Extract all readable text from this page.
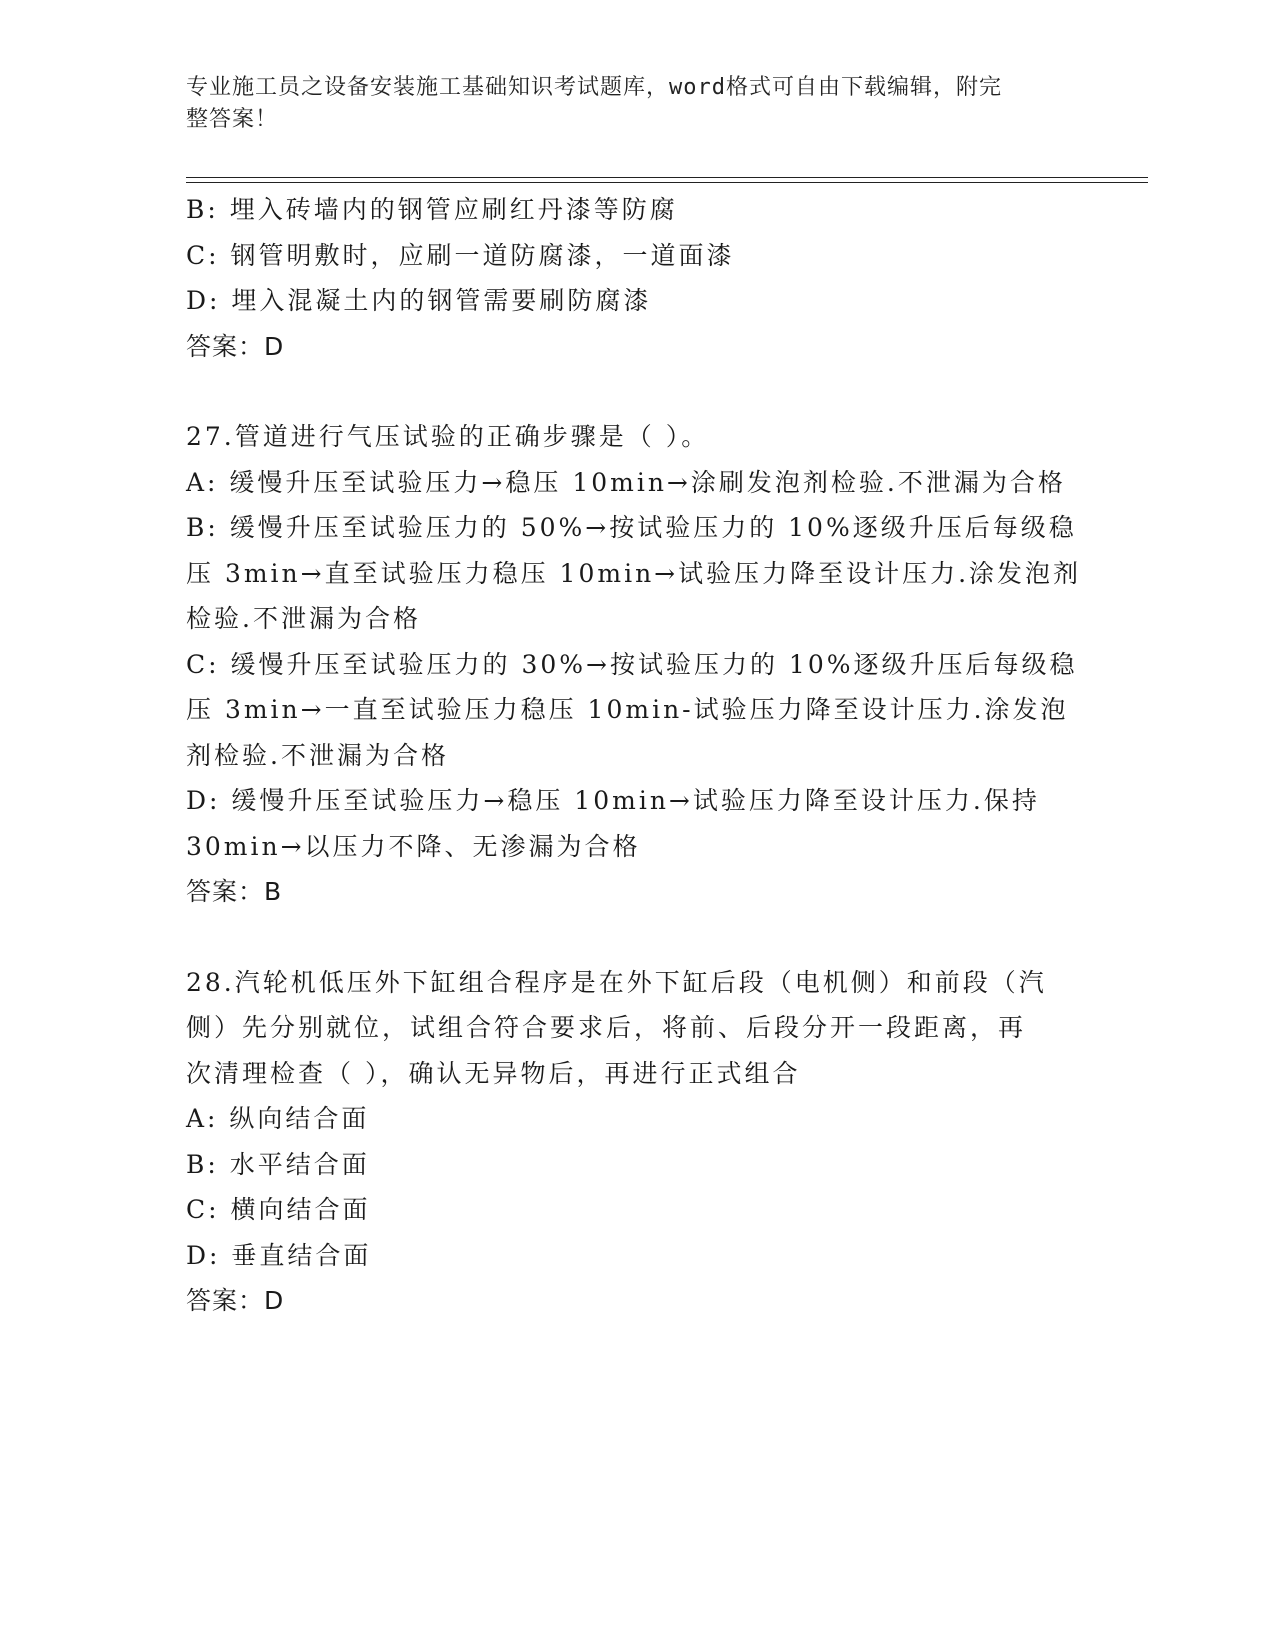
专业施工员之设备安装施工基础知识考试题库，word格式可自由下载编辑，附完
整答案！
B: 埋入砖墙内的钢管应刷红丹漆等防腐
C: 钢管明敷时，应刷一道防腐漆，一道面漆
D: 埋入混凝土内的钢管需要刷防腐漆
答案：D
27.管道进行气压试验的正确步骤是（ ）。
A: 缓慢升压至试验压力→稳压 10min→涂刷发泡剂检验.不泄漏为合格
B: 缓慢升压至试验压力的 50%→按试验压力的 10%逐级升压后每级稳
压 3min→直至试验压力稳压 10min→试验压力降至设计压力.涂发泡剂
检验.不泄漏为合格
C: 缓慢升压至试验压力的 30%→按试验压力的 10%逐级升压后每级稳
压 3min→一直至试验压力稳压 10min-试验压力降至设计压力.涂发泡
剂检验.不泄漏为合格
D: 缓慢升压至试验压力→稳压 10min→试验压力降至设计压力.保持
30min→以压力不降、无渗漏为合格
答案：B
28.汽轮机低压外下缸组合程序是在外下缸后段（电机侧）和前段（汽
侧）先分别就位，试组合符合要求后，将前、后段分开一段距离，再
次清理检查（ ），确认无异物后，再进行正式组合
A: 纵向结合面
B: 水平结合面
C: 横向结合面
D: 垂直结合面
答案：D
